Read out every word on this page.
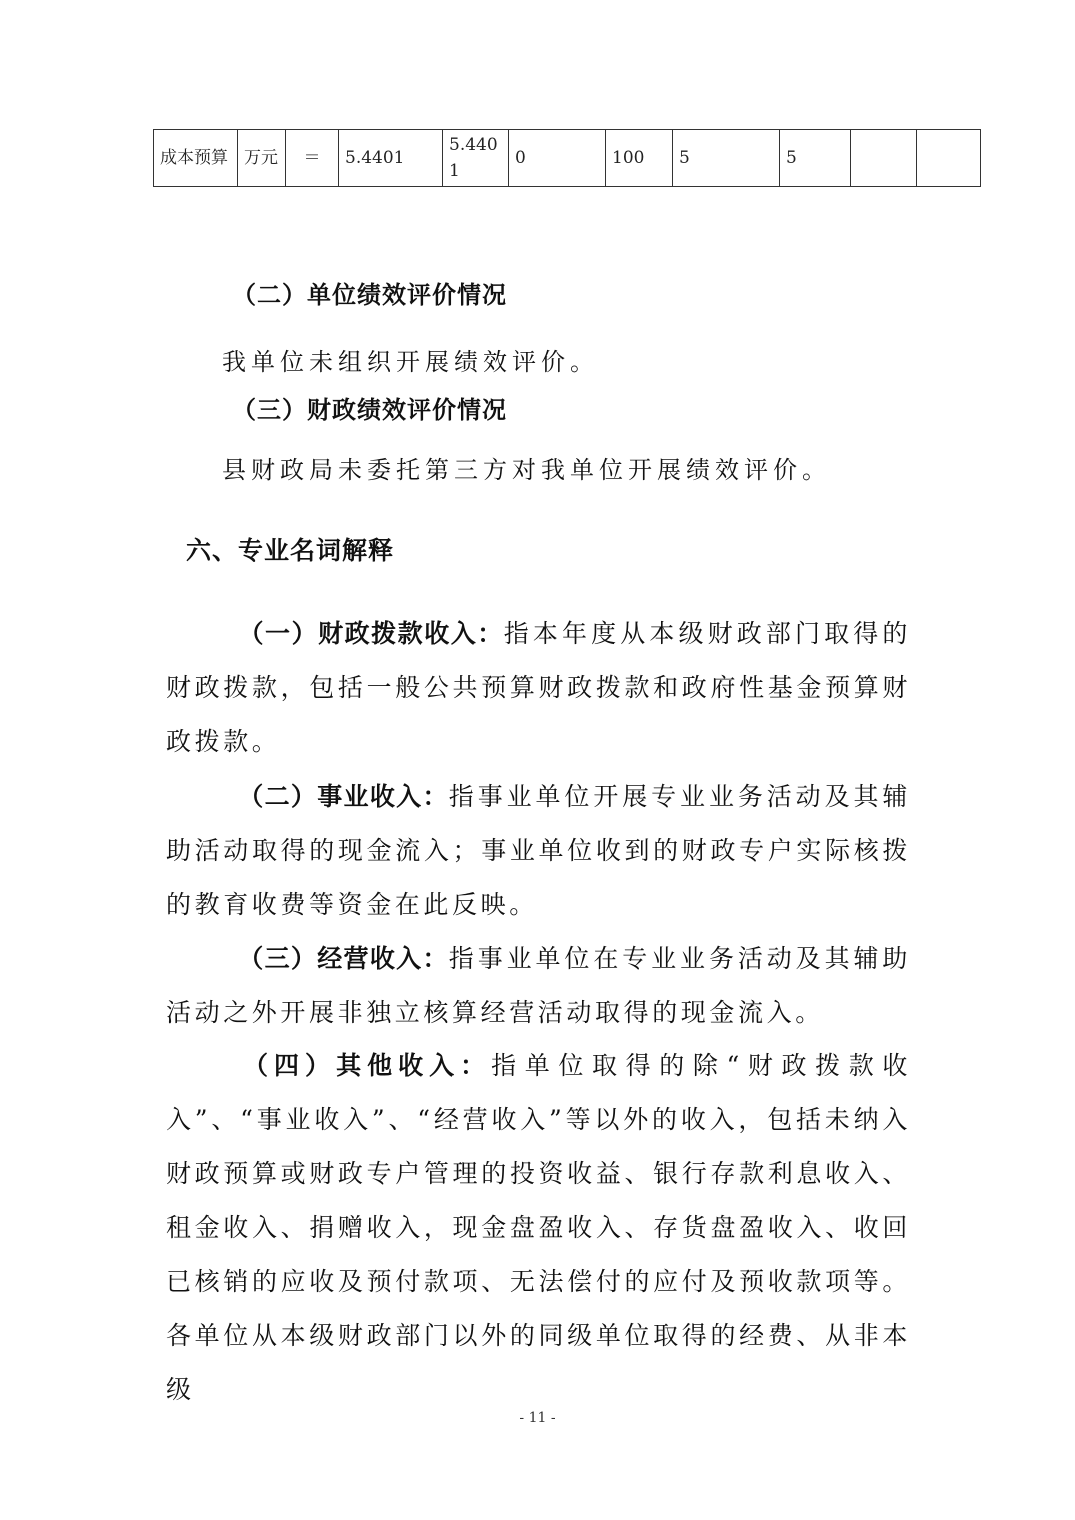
成本预算	万元	＝	5.4401	5.4401	0	100	5	5		
（二）单位绩效评价情况
我单位未组织开展绩效评价。
（三）财政绩效评价情况
县财政局未委托第三方对我单位开展绩效评价。
六、专业名词解释
（一）财政拨款收入：指本年度从本级财政部门取得的财政拨款，包括一般公共预算财政拨款和政府性基金预算财政拨款。
（二）事业收入：指事业单位开展专业业务活动及其辅助活动取得的现金流入；事业单位收到的财政专户实际核拨的教育收费等资金在此反映。
（三）经营收入：指事业单位在专业业务活动及其辅助活动之外开展非独立核算经营活动取得的现金流入。
（四）其他收入：指单位取得的除“财政拨款收入”、“事业收入”、“经营收入”等以外的收入，包括未纳入财政预算或财政专户管理的投资收益、银行存款利息收入、租金收入、捐赠收入，现金盘盈收入、存货盘盈收入、收回已核销的应收及预付款项、无法偿付的应付及预收款项等。各单位从本级财政部门以外的同级单位取得的经费、从非本级
- 11 -
